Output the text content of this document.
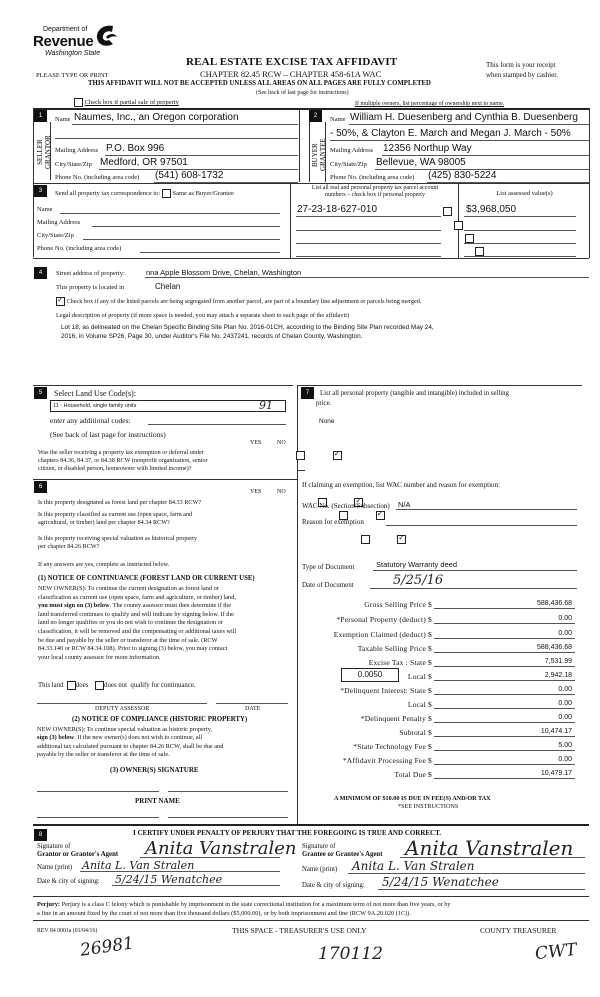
Department of
Revenue
Washington State
PLEASE TYPE OR PRINT
REAL ESTATE EXCISE TAX AFFIDAVIT
CHAPTER 82.45 RCW – CHAPTER 458-61A WAC
This form is your receipt
when stamped by cashier.
THIS AFFIDAVIT WILL NOT BE ACCEPTED UNLESS ALL AREAS ON ALL PAGES ARE FULLY COMPLETED
(See back of last page for instructions)
Check box if partial sale of property	If multiple owners, list percentage of ownership next to name.
1
SELLER
GRANTOR
Name Naumes, Inc., an Oregon corporation
Mailing Address P.O. Box 996
City/State/Zip Medford, OR 97501
Phone No. (including area code) (541) 608-1732
2
BUYER
GRANTEE
Name William H. Duesenberg and Cynthia B. Duesenberg
- 50%, & Clayton E. March and Megan J. March - 50%
Mailing Address 12356 Northup Way
City/State/Zip Bellevue, WA 98005
Phone No. (including area code) (425) 830-5224
3	Send all property tax correspondence to: Same as Buyer/Grantee
Name
Mailing Address
City/State/Zip
Phone No. (including area code)
List all real and personal property tax parcel account
numbers – check box if personal property	List assessed value(s)
27-23-18-627-010
	$3,968,050

4	Street address of property:	nna Apple Blossom Drive, Chelan, Washington
This property is located in	Chelan
✓ Check box if any of the listed parcels are being segregated from another parcel, are part of a boundary line adjustment or parcels being merged.
Legal description of property (if more space is needed, you may attach a separate sheet to each page of the affidavit)
Lot 18, as delineated on the Chelan Specific Binding Site Plan No. 2016-01CH, according to the Binding Site Plan recorded May 24,
2016, in Volume SP26, Page 30, under Auditor's File No. 2437241, records of Chelan County, Washington.
5	Select Land Use Code(s):
11 - Household, single family units	91
enter any additional codes:
(See back of last page for instructions)
YES	NO
Was the seller receiving a property tax exemption or deferral under
chapters 84.36, 84.37, or 84.38 RCW (nonprofit organization, senior
citizen, or disabled person, homeowner with limited income)?
✓
6
YES	NO
Is this property designated as forest land per chapter 84.33 RCW?
✓
Is this property classified as current use (open space, farm and
agricultural, or timber) land per chapter 84.34 RCW?
✓
Is this property receiving special valuation as historical property
per chapter 84.26 RCW?
✓
If any answers are yes, complete as instructed below.
(1) NOTICE OF CONTINUANCE (FOREST LAND OR CURRENT USE)
NEW OWNER(S): To continue the current designation as forest land or
classification as current use (open space, farm and agriculture, or timber) land,
you must sign on (3) below. The county assessor must then determine if the
land transferred continues to qualify and will indicate by signing below. If the
land no longer qualifies or you do not wish to continue the designation or
classification, it will be removed and the compensating or additional taxes will
be due and payable by the seller or transferor at the time of sale. (RCW
84.33.140 or RCW 84.34.108). Prior to signing (3) below, you may contact
your local county assessor for more information.
This land does does not qualify for continuance.
DEPUTY ASSESSOR	DATE
(2) NOTICE OF COMPLIANCE (HISTORIC PROPERTY)
NEW OWNER(S): To continue special valuation as historic property,
sign (3) below. If the new owner(s) does not wish to continue, all
additional tax calculated pursuant to chapter 84.26 RCW, shall be due and
payable by the seller or transferor at the time of sale.
(3) OWNER(S) SIGNATURE
PRINT NAME
7	List all personal property (tangible and intangible) included in selling
price.
None
If claiming an exemption, list WAC number and reason for exemption:
WAC No. (Section/Subsection) N/A
Reason for exemption
Type of Document	Statutory Warranty deed
Date of Document	5/25/16
Gross Selling Price $	588,436.68
*Personal Property (deduct) $	0.00
Exemption Claimed (deduct) $	0.00
Taxable Selling Price $	588,436.68
Excise Tax : State $	7,531.99
0.0050	Local $	2,942.18
*Delinquent Interest: State $	0.00
Local $	0.00
*Delinquent Penalty $	0.00
Subtotal $	10,474.17
*State Technology Fee $	5.00
*Affidavit Processing Fee $	0.00
Total Due $	10,479.17
A MINIMUM OF $10.00 IS DUE IN FEE(S) AND/OR TAX
*SEE INSTRUCTIONS
8	I CERTIFY UNDER PENALTY OF PERJURY THAT THE FOREGOING IS TRUE AND CORRECT.
Signature of
Grantor or Grantor's Agent Anita Vanstralen
Name (print) Anita L. Van Stralen
Date & city of signing: 5/24/15 Wenatchee
Signature of
Grantee or Grantee's Agent Anita Vanstralen
Name (print) Anita L. Van Stralen
Date & city of signing: 5/24/15 Wenatchee
Perjury: Perjury is a class C felony which is punishable by imprisonment in the state correctional institution for a maximum term of not more than five years, or by
a fine in an amount fixed by the court of not more than five thousand dollars ($5,000.00), or by both imprisonment and fine (RCW 9A.20.020 (1C)).
REV 84 0001a (01/04/16)	THIS SPACE - TREASURER'S USE ONLY	COUNTY TREASURER
26981	170112	CWT
